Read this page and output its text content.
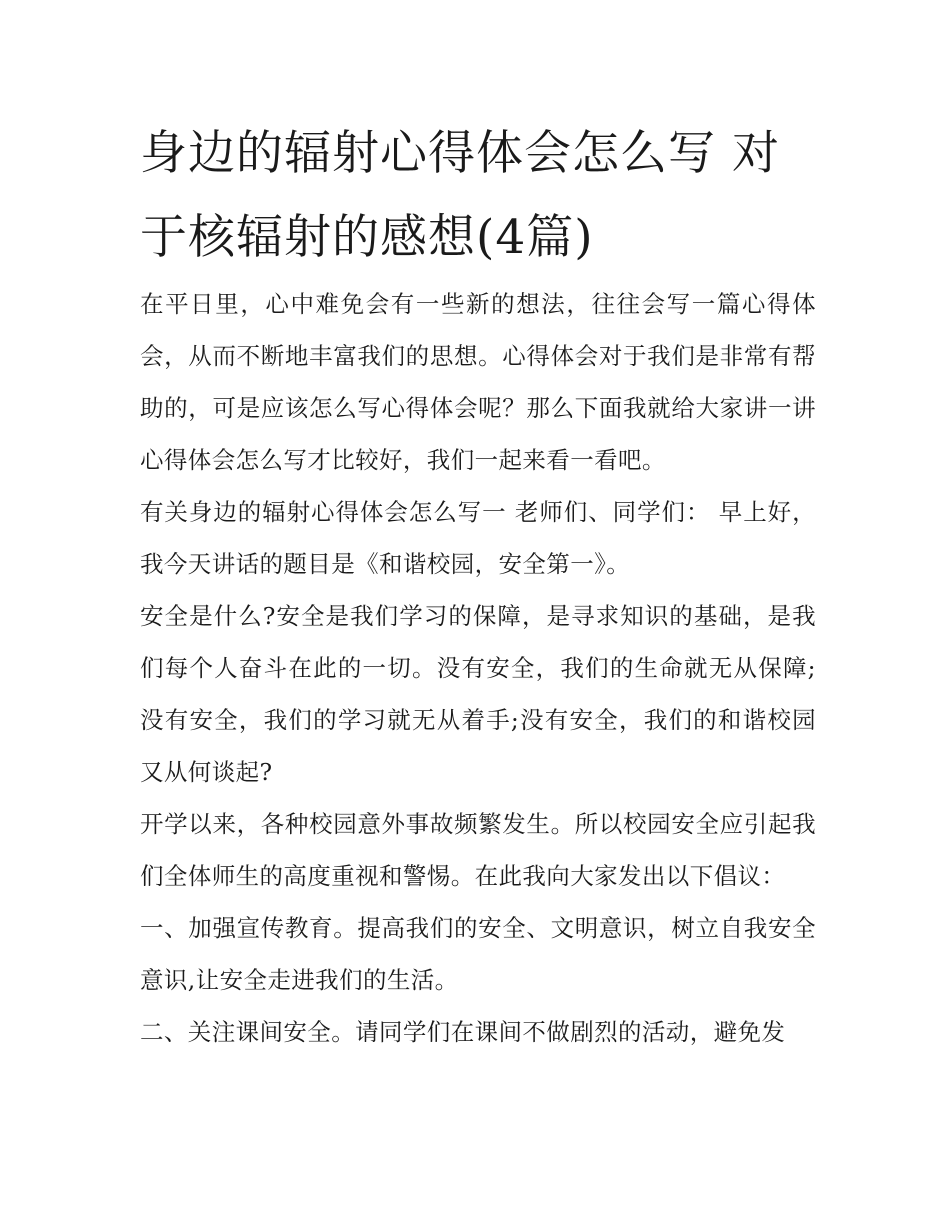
身边的辐射心得体会怎么写 对于核辐射的感想(4篇)

在平日里，心中难免会有一些新的想法，往往会写一篇心得体会，从而不断地丰富我们的思想。心得体会对于我们是非常有帮助的，可是应该怎么写心得体会呢？那么下面我就给大家讲一讲心得体会怎么写才比较好，我们一起来看一看吧。

有关身边的辐射心得体会怎么写一 老师们、同学们： 早上好，我今天讲话的题目是《和谐校园，安全第一》。

安全是什么?安全是我们学习的保障，是寻求知识的基础，是我们每个人奋斗在此的一切。没有安全，我们的生命就无从保障;没有安全，我们的学习就无从着手;没有安全，我们的和谐校园又从何谈起?

开学以来，各种校园意外事故频繁发生。所以校园安全应引起我们全体师生的高度重视和警惕。在此我向大家发出以下倡议：

一、加强宣传教育。提高我们的安全、文明意识，树立自我安全意识,让安全走进我们的生活。

二、关注课间安全。请同学们在课间不做剧烈的活动，避免发
